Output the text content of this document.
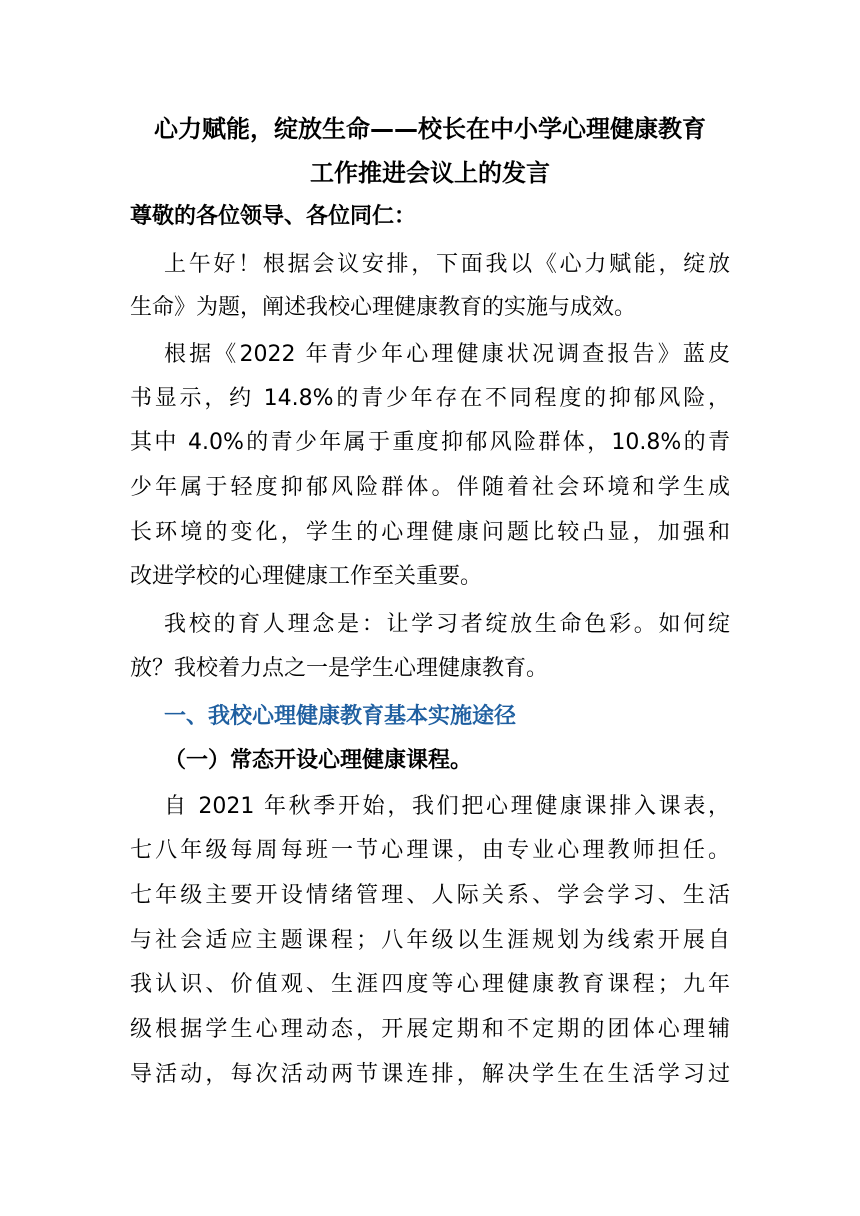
心力赋能，绽放生命——校长在中小学心理健康教育
工作推进会议上的发言
尊敬的各位领导、各位同仁：
上午好！根据会议安排，下面我以《心力赋能，绽放
生命》为题，阐述我校心理健康教育的实施与成效。
根据《2022 年青少年心理健康状况调查报告》蓝皮
书显示，约 14.8%的青少年存在不同程度的抑郁风险，
其中 4.0%的青少年属于重度抑郁风险群体，10.8%的青
少年属于轻度抑郁风险群体。伴随着社会环境和学生成
长环境的变化，学生的心理健康问题比较凸显，加强和
改进学校的心理健康工作至关重要。
我校的育人理念是：让学习者绽放生命色彩。如何绽
放？我校着力点之一是学生心理健康教育。
一、我校心理健康教育基本实施途径
（一）常态开设心理健康课程。
自 2021 年秋季开始，我们把心理健康课排入课表，
七八年级每周每班一节心理课，由专业心理教师担任。
七年级主要开设情绪管理、人际关系、学会学习、生活
与社会适应主题课程；八年级以生涯规划为线索开展自
我认识、价值观、生涯四度等心理健康教育课程；九年
级根据学生心理动态，开展定期和不定期的团体心理辅
导活动，每次活动两节课连排，解决学生在生活学习过
